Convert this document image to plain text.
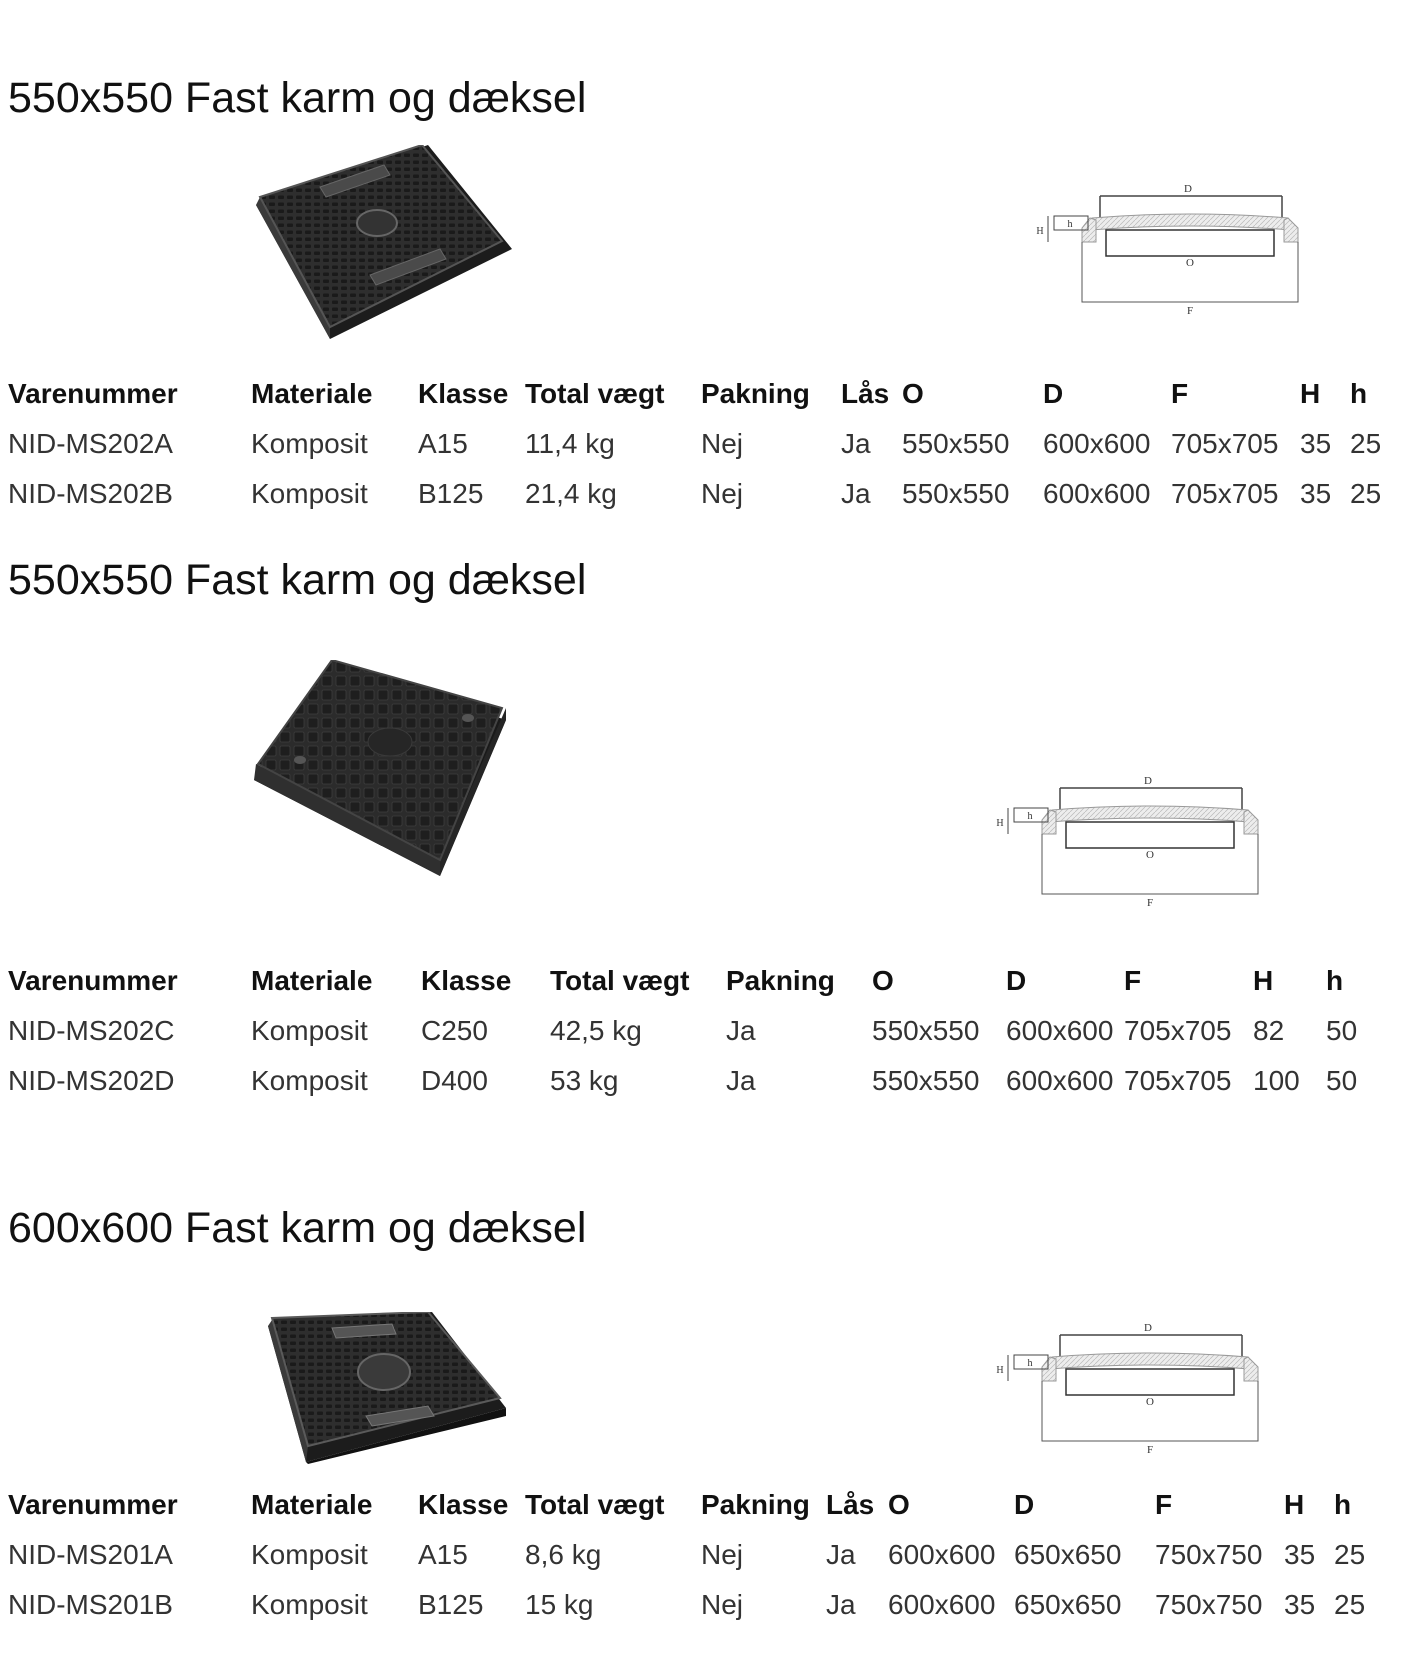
550x550 Fast karm og dæksel
D
O
F
h
H
Varenummer	Materiale	Klasse	Total vægt	Pakning	Lås	O	D	F	H	h
NID-MS202A	Komposit	A15	11,4 kg	Nej	Ja	550x550	600x600	705x705	35	25
NID-MS202B	Komposit	B125	21,4 kg	Nej	Ja	550x550	600x600	705x705	35	25
550x550 Fast karm og dæksel
D
O
F
h
H
Varenummer	Materiale	Klasse	Total vægt	Pakning	O	D	F	H	h
NID-MS202C	Komposit	C250	42,5 kg	Ja	550x550	600x600	705x705	82	50
NID-MS202D	Komposit	D400	53 kg	Ja	550x550	600x600	705x705	100	50
600x600 Fast karm og dæksel
D
O
F
h
H
Varenummer	Materiale	Klasse	Total vægt	Pakning	Lås	O	D	F	H	h
NID-MS201A	Komposit	A15	8,6 kg	Nej	Ja	600x600	650x650	750x750	35	25
NID-MS201B	Komposit	B125	15 kg	Nej	Ja	600x600	650x650	750x750	35	25
